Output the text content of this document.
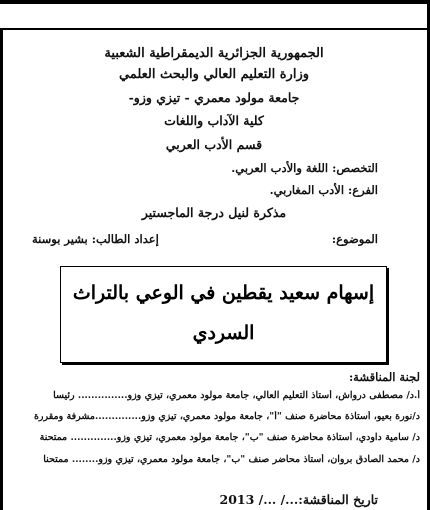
الجمهورية الجزائرية الديمقراطية الشعبية
وزارة التعليم العالي والبحث العلمي
جامعة مولود معمري - تيزي وزو-
كلية الآداب واللغات
قسم الأدب العربي
التخصص: اللغة والأدب العربي.
الفرع: الأدب المغاربي.
مذكرة لنيل درجة الماجستير
الموضوع:
إعداد الطالب: بشير بوسنة
إسهام سعيد يقطين في الوعي بالتراث السردي
لجنة المناقشة:
أ.د/ مصطفى درواش، أستاذ التعليم العالي، جامعة مولود معمري، تيزي وزو............... رئيسا
د/نورة بعيو، أستاذة محاضرة صنف "أ"، جامعة مولود معمري، تيزي وزو..............مشرفة ومقررة
د/ سامية داودي، أستاذة محاضرة صنف "ب"، جامعة مولود معمري، تيزي وزو.............. ممتحنة
د/ محمد الصادق بروان، أستاذ محاضر صنف "ب"، جامعة مولود معمري، تيزي وزو........ ممتحنا
تاريخ المناقشة:.../ .../ 2013
